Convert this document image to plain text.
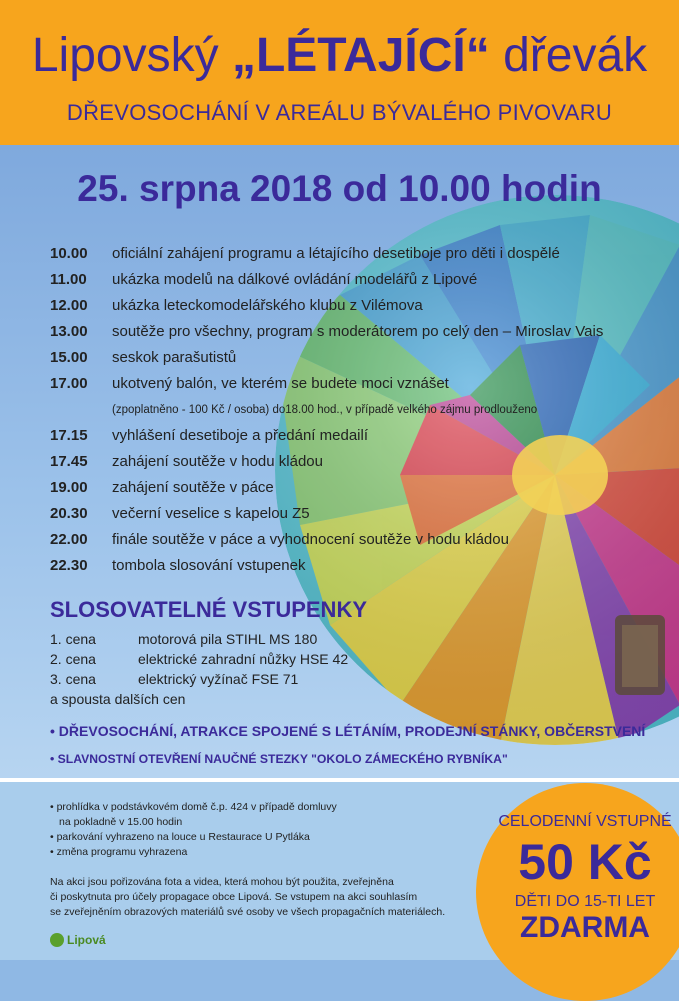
Lipovský „LÉTAJÍCÍ“ dřevák
DŘEVOSOCHÁNÍ V AREÁLU BÝVALÉHO PIVOVARU
25. srpna 2018 od 10.00 hodin
10.00 oficiální zahájení programu a létajícího desetiboje pro děti i dospělé
11.00 ukázka modelů na dálkové ovládání modelářů z Lipové
12.00 ukázka leteckomodelářského klubu z Vilémova
13.00 soutěže pro všechny, program s moderátorem po celý den – Miroslav Vais
15.00 seskok parašutistů
17.00 ukotvený balón, ve kterém se budete moci vznášet
(zpoplatněno - 100 Kč / osoba) do18.00 hod., v případě velkého zájmu prodlouženo
17.15 vyhlášení desetiboje a předání medailí
17.45 zahájení soutěže v hodu kládou
19.00 zahájení soutěže v páce
20.30 večerní veselice s kapelou Z5
22.00 finále soutěže v páce a vyhodnocení soutěže v hodu kládou
22.30 tombola slosování vstupenek
SLOSOVATELNÉ VSTUPENKY
1. cena	motorová pila STIHL MS 180
2. cena	elektrické zahradní nůžky HSE 42
3. cena	elektrický vyžínač FSE 71
a spousta dalších cen
• DŘEVOSOCHÁNÍ, ATRAKCE SPOJENÉ S LÉTÁNÍM, PRODEJNÍ STÁNKY, OBČERSTVENÍ
• SLAVNOSTNÍ OTEVŘENÍ NAUČNÉ STEZKY "OKOLO ZÁMECKÉHO RYBNÍKA"
• prohlídka v podstávkovém domě č.p. 424 v případě domluvy
na pokladně v 15.00 hodin
• parkování vyhrazeno na louce u Restaurace U Pytláka
• změna programu vyhrazena
Na akci jsou pořizována fota a videa, která mohou být použita, zveřejněna
či poskytnuta pro účely propagace obce Lipová. Se vstupem na akci souhlasím
se zveřejněním obrazových materiálů své osoby ve všech propagačních materiálech.
Lipová
CELODENNÍ VSTUPNÉ
50 Kč
DĚTI DO 15-TI LET
ZDARMA
